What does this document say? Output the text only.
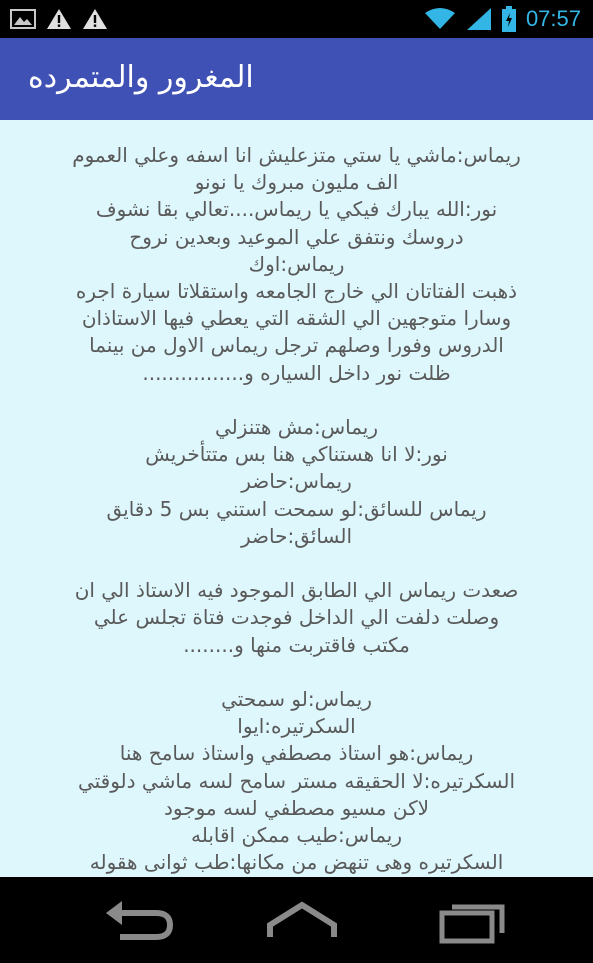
07:57
المغرور والمتمرده
ريماس:ماشي يا ستي متزعليش انا اسفه وعلي العموم
الف مليون مبروك يا نونو
نور:الله يبارك فيكي يا ريماس....تعالي بقا نشوف
دروسك ونتفق علي الموعيد وبعدين نروح
ريماس:اوك
ذهبت الفتاتان الي خارج الجامعه واستقلاتا سيارة اجره
وسارا متوجهين الي الشقه التي يعطي فيها الاستاذان
الدروس وفورا وصلهم ترجل ريماس الاول من بينما
ظلت نور داخل السياره و................
ريماس:مش هتنزلي
نور:لا انا هستناكي هنا بس متتأخريش
ريماس:حاضر
ريماس للسائق:لو سمحت استني بس 5 دقايق
السائق:حاضر
صعدت ريماس الي الطابق الموجود فيه الاستاذ الي ان
وصلت دلفت الي الداخل فوجدت فتاة تجلس علي
مكتب فاقتربت منها و........
ريماس:لو سمحتي
السكرتيره:ايوا
ريماس:هو استاذ مصطفي واستاذ سامح هنا
السكرتيره:لا الحقيقه مستر سامح لسه ماشي دلوقتي
لاكن مسيو مصطفي لسه موجود
ريماس:طيب ممكن اقابله
السكرتيره وهى تنهض من مكانها:طب ثوانى هقوله
